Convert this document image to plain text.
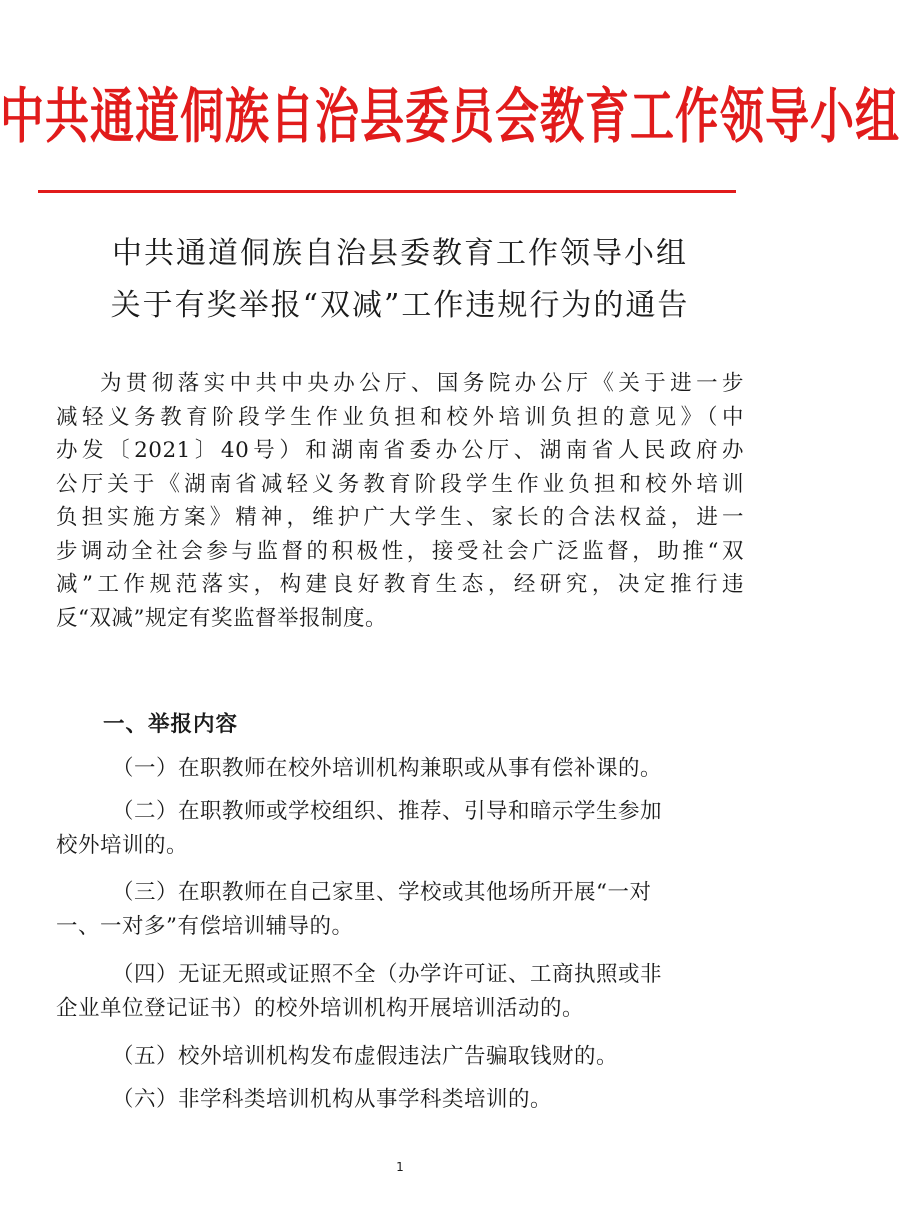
中共通道侗族自治县委员会教育工作领导小组
中共通道侗族自治县委教育工作领导小组
关于有奖举报“双减”工作违规行为的通告
为贯彻落实中共中央办公厅、国务院办公厅《关于进一步
减轻义务教育阶段学生作业负担和校外培训负担的意见》（中
办发〔2021〕40号）和湖南省委办公厅、湖南省人民政府办
公厅关于《湖南省减轻义务教育阶段学生作业负担和校外培训
负担实施方案》精神，维护广大学生、家长的合法权益，进一
步调动全社会参与监督的积极性，接受社会广泛监督，助推“双
减”工作规范落实，构建良好教育生态，经研究，决定推行违
反“双减”规定有奖监督举报制度。
一、举报内容
（一）在职教师在校外培训机构兼职或从事有偿补课的。
（二）在职教师或学校组织、推荐、引导和暗示学生参加
校外培训的。
（三）在职教师在自己家里、学校或其他场所开展“一对
一、一对多”有偿培训辅导的。
（四）无证无照或证照不全（办学许可证、工商执照或非
企业单位登记证书）的校外培训机构开展培训活动的。
（五）校外培训机构发布虚假违法广告骗取钱财的。
（六）非学科类培训机构从事学科类培训的。
1
